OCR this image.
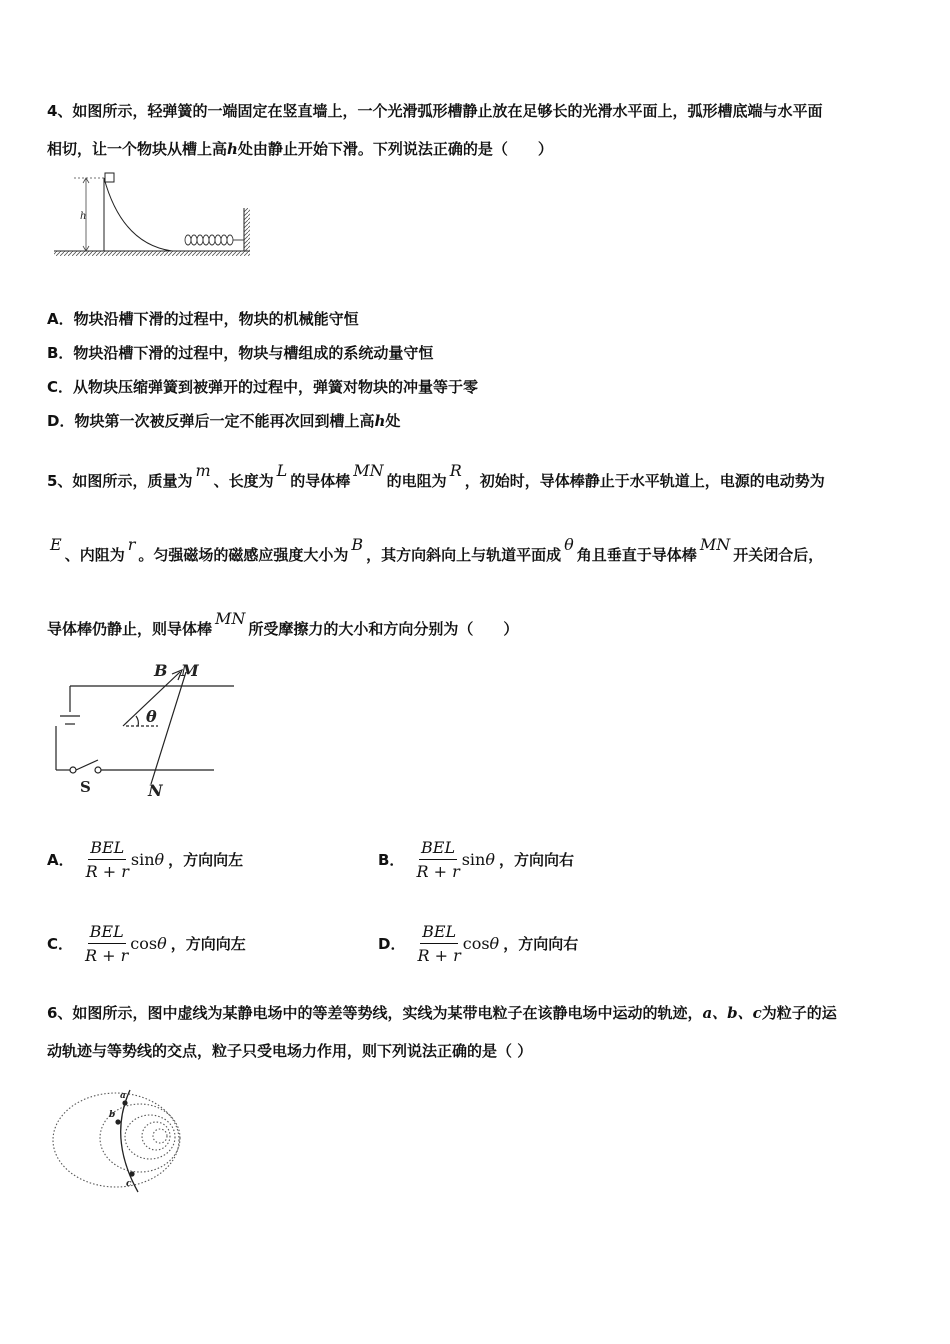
4、如图所示，轻弹簧的一端固定在竖直墙上，一个光滑弧形槽静止放在足够长的光滑水平面上，弧形槽底端与水平面
相切，让一个物块从槽上高h处由静止开始下滑。下列说法正确的是（　　）
h
A．物块沿槽下滑的过程中，物块的机械能守恒
B．物块沿槽下滑的过程中，物块与槽组成的系统动量守恒
C．从物块压缩弹簧到被弹开的过程中，弹簧对物块的冲量等于零
D．物块第一次被反弹后一定不能再次回到槽上高h处
5、如图所示，质量为m、长度为L的导体棒MN的电阻为R，初始时，导体棒静止于水平轨道上，电源的电动势为
E、内阻为r。匀强磁场的磁感应强度大小为B，其方向斜向上与轨道平面成θ角且垂直于导体棒MN开关闭合后，
导体棒仍静止，则导体棒MN所受摩擦力的大小和方向分别为（　　）
B M
θ
N
S
A． $\frac{\text{BEL}}{R + r}$ sinθ ，方向向左	B． $\frac{\text{BEL}}{R + r}$ sinθ ，方向向右
C． $\frac{\text{BEL}}{R + r}$ cosθ ，方向向左	D． $\frac{\text{BEL}}{R + r}$ cosθ ，方向向右
6、如图所示，图中虚线为某静电场中的等差等势线，实线为某带电粒子在该静电场中运动的轨迹，a、b、c为粒子的运
动轨迹与等势线的交点，粒子只受电场力作用，则下列说法正确的是（ ）
a
b
c
